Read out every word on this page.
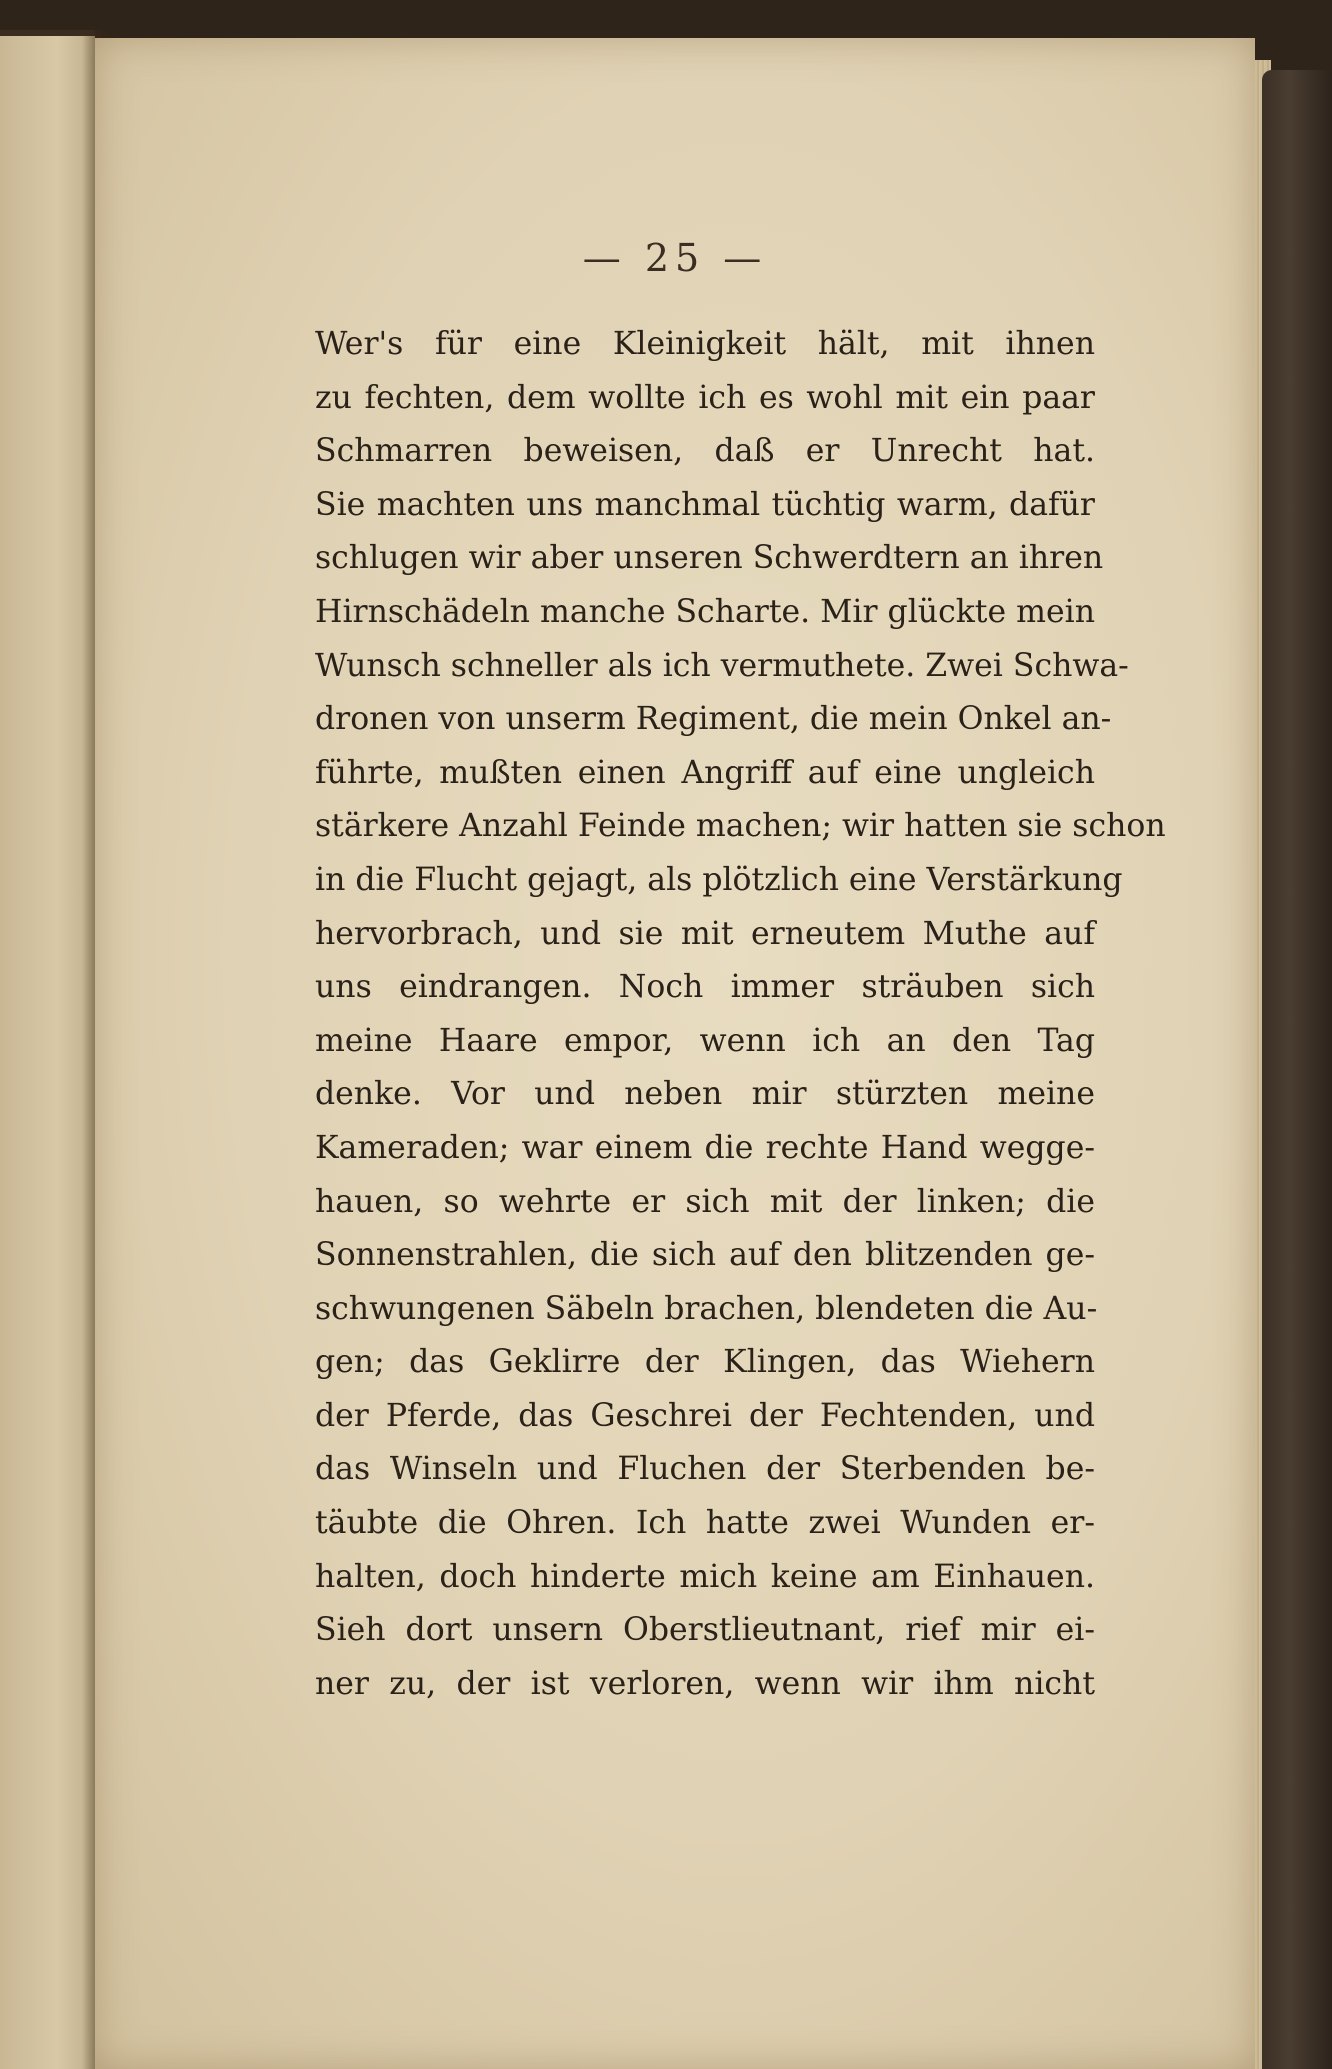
— 25 —
Wer's für eine Kleinigkeit hält, mit ihnen
zu fechten, dem wollte ich es wohl mit ein paar
Schmarren beweisen, daß er Unrecht hat.
Sie machten uns manchmal tüchtig warm, dafür
schlugen wir aber unseren Schwerdtern an ihren
Hirnschädeln manche Scharte. Mir glückte mein
Wunsch schneller als ich vermuthete. Zwei Schwa-
dronen von unserm Regiment, die mein Onkel an-
führte, mußten einen Angriff auf eine ungleich
stärkere Anzahl Feinde machen; wir hatten sie schon
in die Flucht gejagt, als plötzlich eine Verstärkung
hervorbrach, und sie mit erneutem Muthe auf
uns eindrangen. Noch immer sträuben sich
meine Haare empor, wenn ich an den Tag
denke. Vor und neben mir stürzten meine
Kameraden; war einem die rechte Hand wegge-
hauen, so wehrte er sich mit der linken; die
Sonnenstrahlen, die sich auf den blitzenden ge-
schwungenen Säbeln brachen, blendeten die Au-
gen; das Geklirre der Klingen, das Wiehern
der Pferde, das Geschrei der Fechtenden, und
das Winseln und Fluchen der Sterbenden be-
täubte die Ohren. Ich hatte zwei Wunden er-
halten, doch hinderte mich keine am Einhauen.
Sieh dort unsern Oberstlieutnant, rief mir ei-
ner zu, der ist verloren, wenn wir ihm nicht
